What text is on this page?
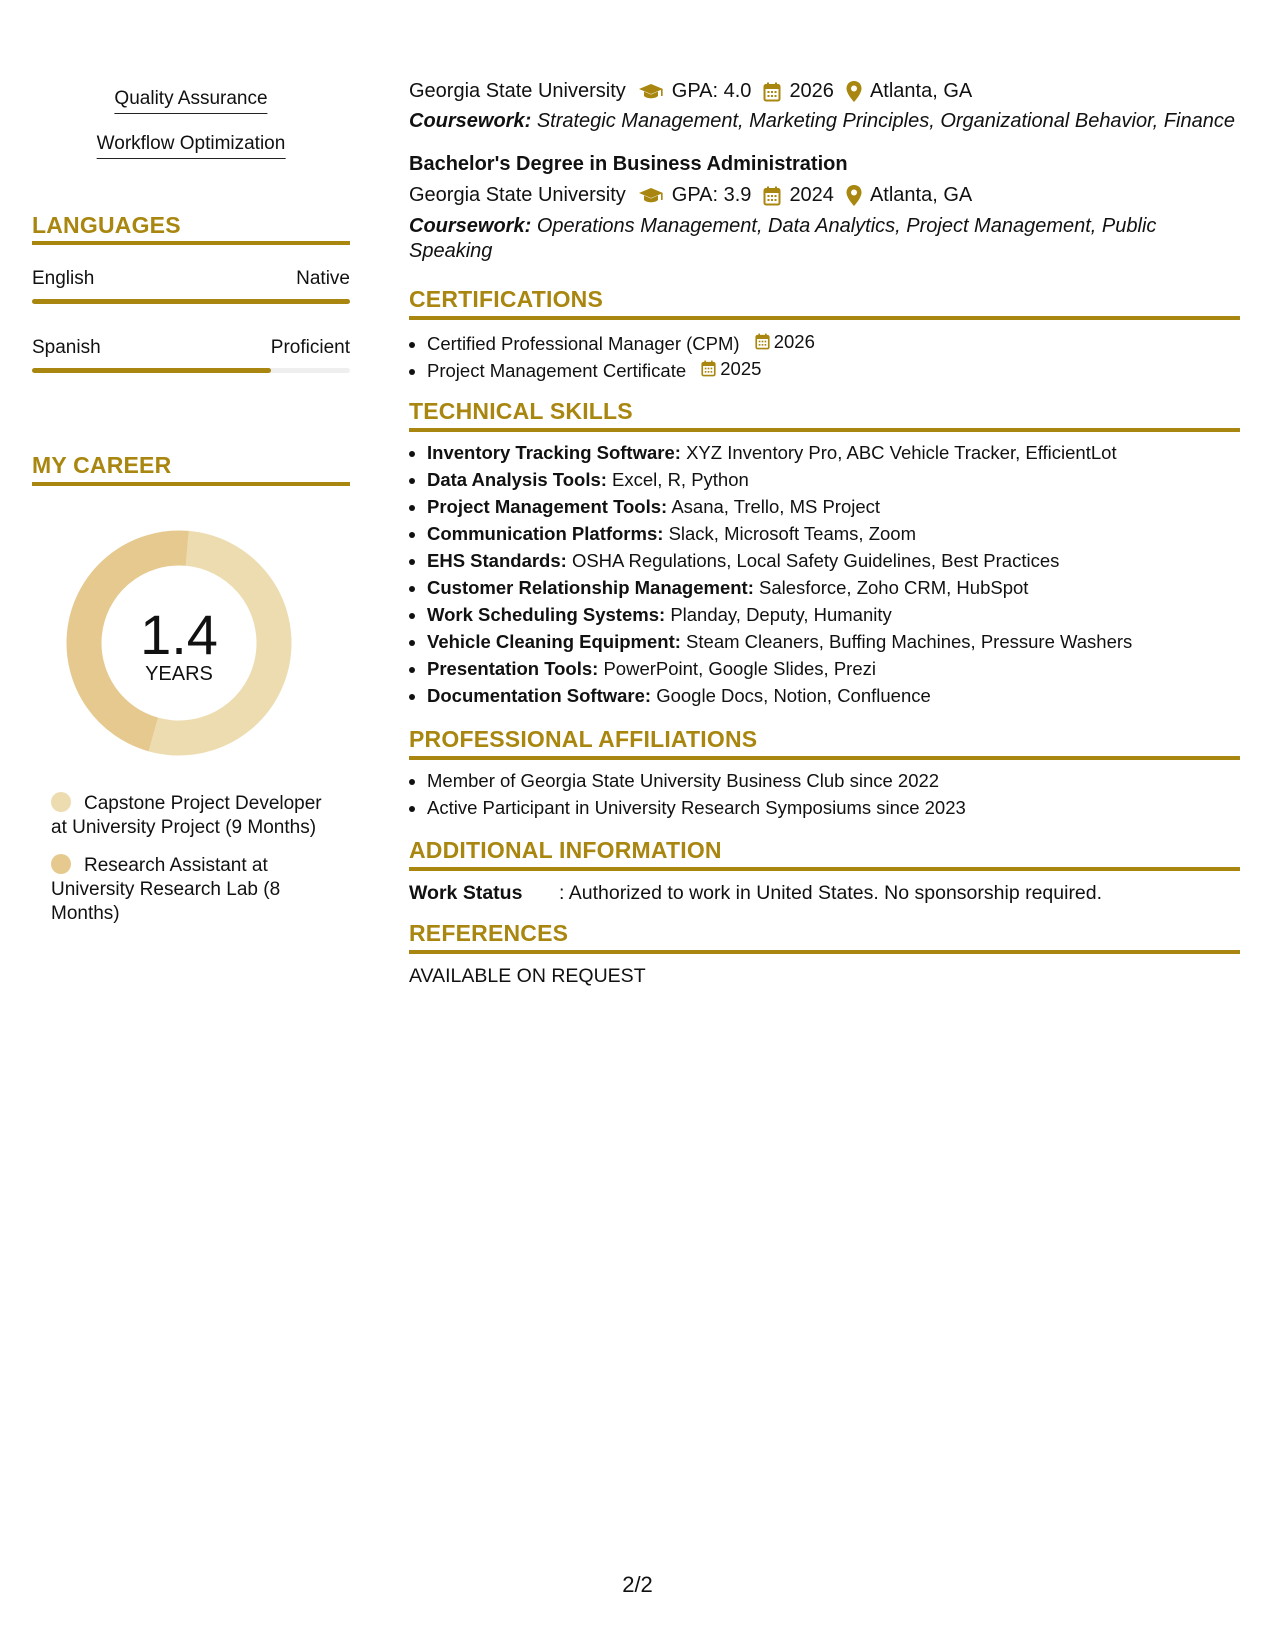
Quality Assurance
Workflow Optimization
LANGUAGES
English	Native
Spanish	Proficient
MY CAREER
1.4
YEARS
Capstone Project Developer at University Project (9 Months)
Research Assistant at University Research Lab (8 Months)
Georgia State University GPA: 4.0 2026 Atlanta, GA
Coursework: Strategic Management, Marketing Principles, Organizational Behavior, Finance
Bachelor's Degree in Business Administration
Georgia State University GPA: 3.9 2024 Atlanta, GA
Coursework: Operations Management, Data Analytics, Project Management, Public
Speaking
CERTIFICATIONS
• Certified Professional Manager (CPM) 2026
• Project Management Certificate 2025
TECHNICAL SKILLS
• Inventory Tracking Software: XYZ Inventory Pro, ABC Vehicle Tracker, EfficientLot
• Data Analysis Tools: Excel, R, Python
• Project Management Tools: Asana, Trello, MS Project
• Communication Platforms: Slack, Microsoft Teams, Zoom
• EHS Standards: OSHA Regulations, Local Safety Guidelines, Best Practices
• Customer Relationship Management: Salesforce, Zoho CRM, HubSpot
• Work Scheduling Systems: Planday, Deputy, Humanity
• Vehicle Cleaning Equipment: Steam Cleaners, Buffing Machines, Pressure Washers
• Presentation Tools: PowerPoint, Google Slides, Prezi
• Documentation Software: Google Docs, Notion, Confluence
PROFESSIONAL AFFILIATIONS
• Member of Georgia State University Business Club since 2022
• Active Participant in University Research Symposiums since 2023
ADDITIONAL INFORMATION
Work Status : Authorized to work in United States. No sponsorship required.
REFERENCES
AVAILABLE ON REQUEST
2/2
